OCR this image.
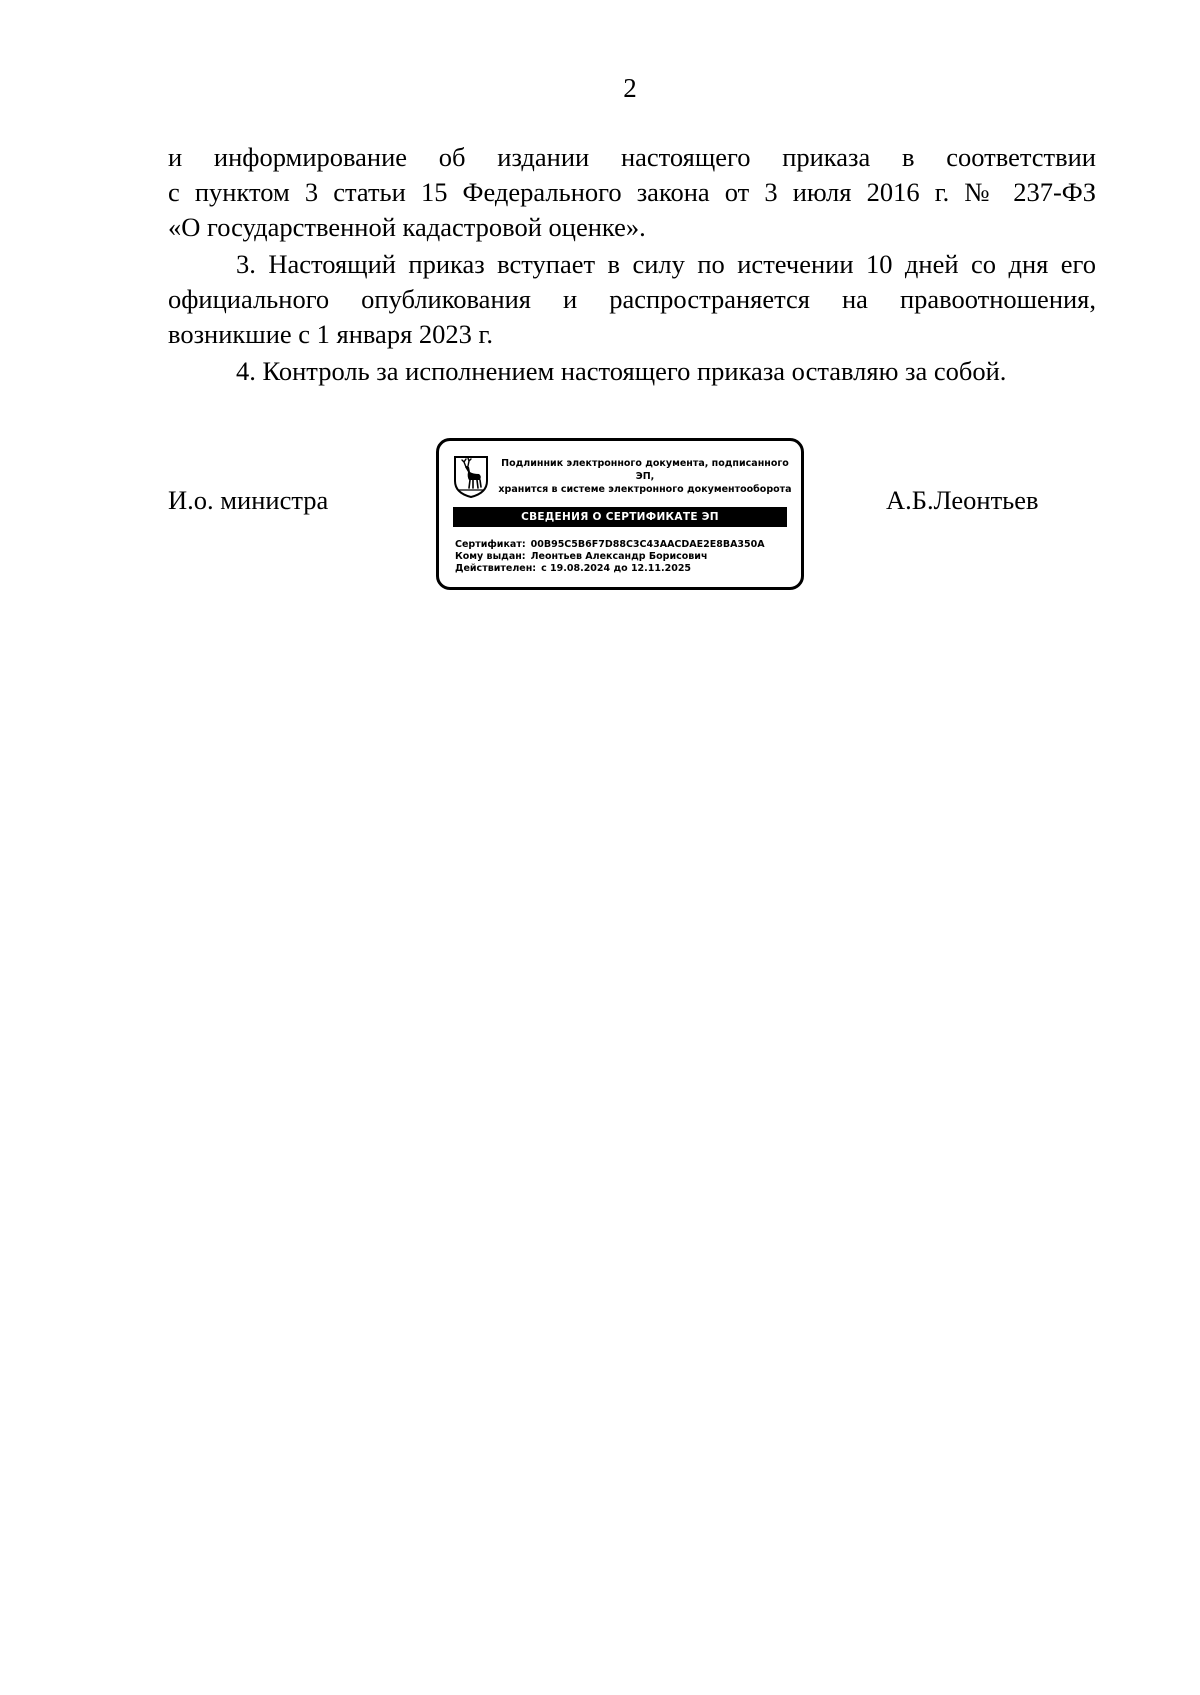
2

и информирование об издании настоящего приказа в соответствии
с пунктом 3 статьи 15 Федерального закона от 3 июля 2016 г. № 237-ФЗ
«О государственной кадастровой оценке».

3. Настоящий приказ вступает в силу по истечении 10 дней со дня его
официального опубликования и распространяется на правоотношения,
возникшие с 1 января 2023 г.

4. Контроль за исполнением настоящего приказа оставляю за собой.

И.о. министра	А.Б.Леонтьев
Подлинник электронного документа, подписанного ЭП,
хранится в системе электронного документооборота
СВЕДЕНИЯ О СЕРТИФИКАТЕ ЭП
Сертификат: 00B95C5B6F7D88C3C43AACDAE2E8BA350A
Кому выдан: Леонтьев Александр Борисович
Действителен: с 19.08.2024 до 12.11.2025
